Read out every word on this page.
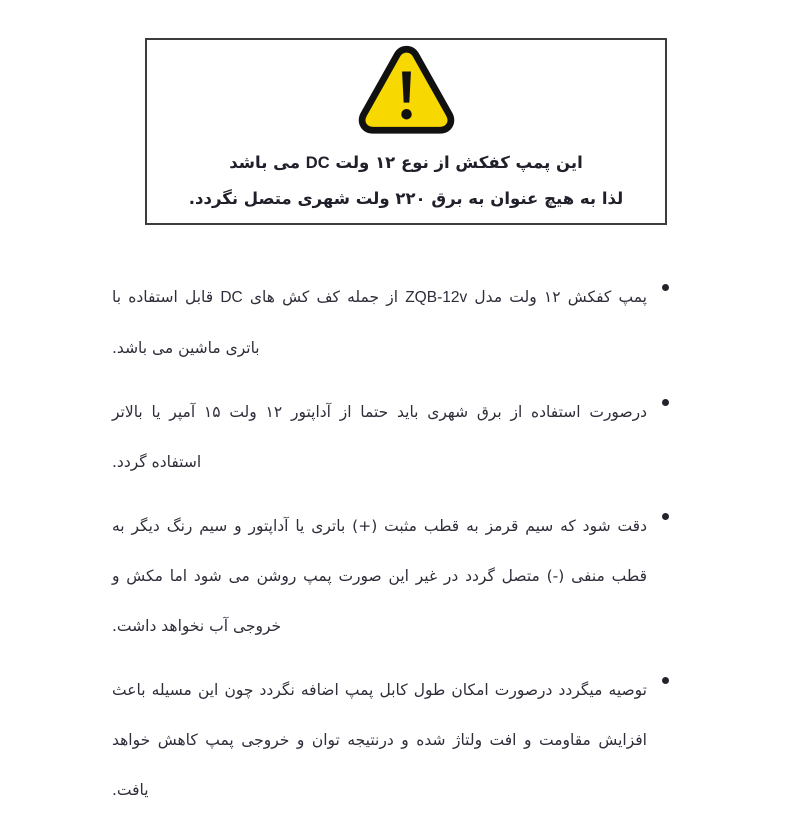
این پمپ کفکش از نوع ۱۲ ولت DC می باشد
لذا به هیچ عنوان به برق ۲۲۰ ولت شهری متصل نگردد.
پمپ کفکش ۱۲ ولت مدل ZQB-12v از جمله کف کش های DC قابل استفاده با باتری ماشین می باشد.
درصورت استفاده از برق شهری باید حتما از آداپتور ۱۲ ولت ۱۵ آمپر یا بالاتر استفاده گردد.
دقت شود که سیم قرمز به قطب مثبت (+) باتری یا آداپتور و سیم رنگ دیگر به قطب منفی (-) متصل گردد در غیر این صورت پمپ روشن می شود اما مکش و خروجی آب نخواهد داشت.
توصیه میگردد درصورت امکان طول کابل پمپ اضافه نگردد چون این مسیله باعث افزایش مقاومت و افت ولتاژ شده و درنتیجه توان و خروجی پمپ کاهش خواهد یافت.
